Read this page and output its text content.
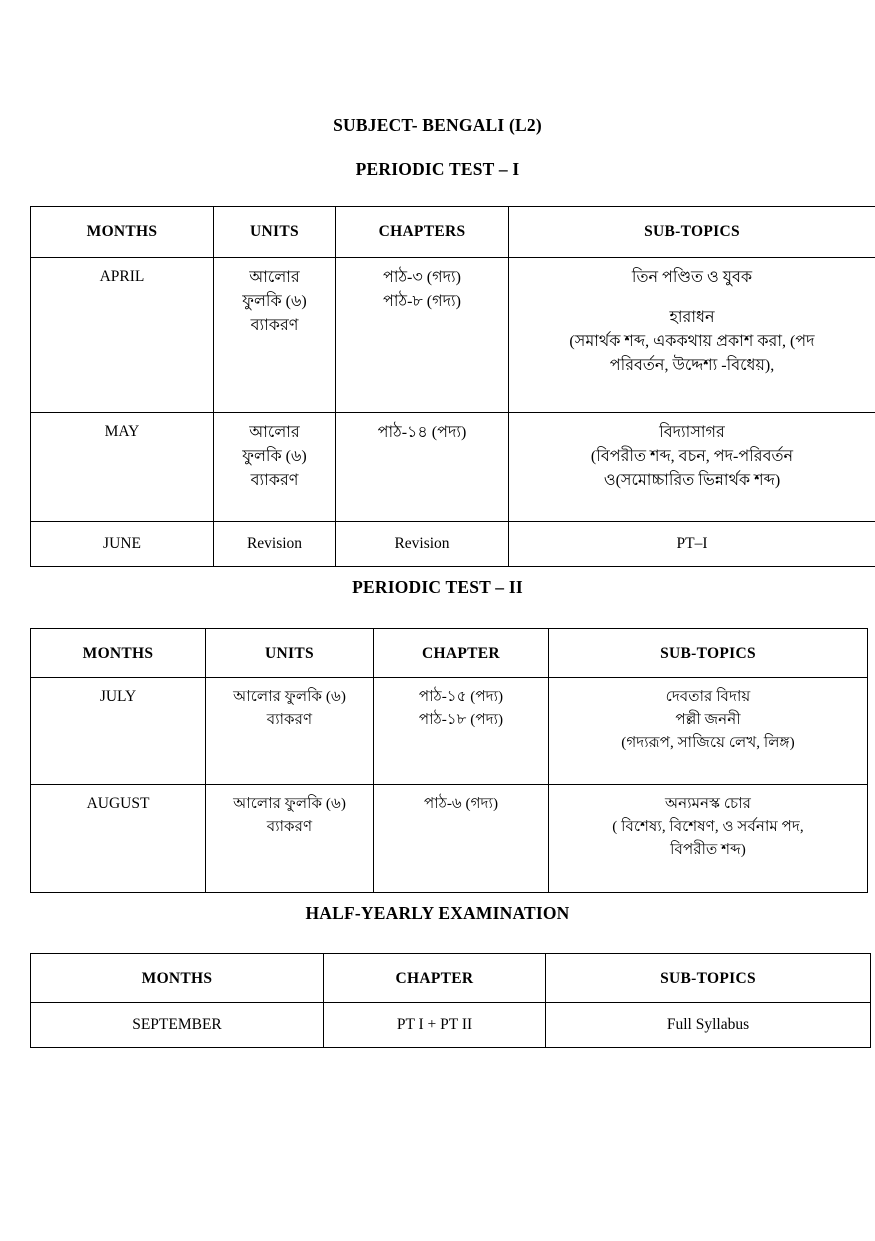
SUBJECT- BENGALI (L2)
PERIODIC TEST – I
MONTHS	UNITS	CHAPTERS	SUB-TOPICS

APRIL	আলোর
ফুলকি (৬)
ব্যাকরণ	পাঠ-৩ (গদ্য)
পাঠ-৮ (গদ্য)	তিন পণ্ডিত ও যুবক
হারাধন
(সমার্থক শব্দ, এককথায় প্রকাশ করা, (পদ
পরিবর্তন, উদ্দেশ্য -বিধেয়),

MAY	আলোর
ফুলকি (৬)
ব্যাকরণ	পাঠ-১৪ (পদ্য)	বিদ্যাসাগর
(বিপরীত শব্দ, বচন, পদ-পরিবর্তন
ও(সমোচ্চারিত ভিন্নার্থক শব্দ)

JUNE	Revision	Revision	PT–I
PERIODIC TEST – II
MONTHS	UNITS	CHAPTER	SUB-TOPICS

JULY	আলোর ফুলকি (৬)
ব্যাকরণ	পাঠ-১৫ (পদ্য)
পাঠ-১৮ (পদ্য)	দেবতার বিদায়
পল্লী জননী
(গদ্যরূপ, সাজিয়ে লেখ, লিঙ্গ)

AUGUST	আলোর ফুলকি (৬)
ব্যাকরণ	পাঠ-৬ (গদ্য)	অন্যমনস্ক চোর
( বিশেষ্য, বিশেষণ, ও সর্বনাম পদ,
বিপরীত শব্দ)
HALF-YEARLY EXAMINATION
MONTHS	CHAPTER	SUB-TOPICS

SEPTEMBER	PT I + PT II	Full Syllabus
